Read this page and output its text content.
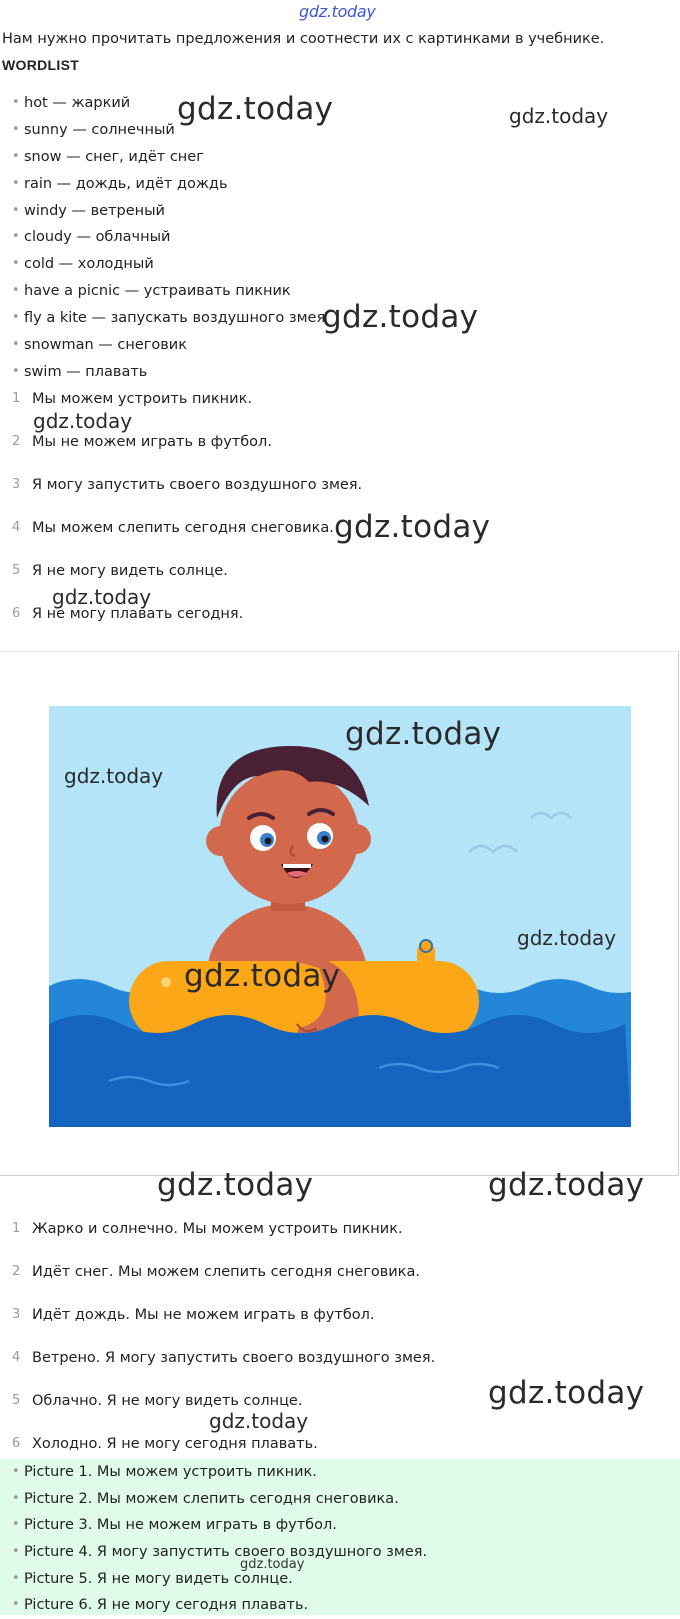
gdz.today
Нам нужно прочитать предложения и соотнести их с картинками в учебнике.
WORDLIST
• hot — жаркий
• sunny — солнечный
• snow — снег, идёт снег
• rain — дождь, идёт дождь
• windy — ветреный
• cloudy — облачный
• cold — холодный
• have a picnic — устраивать пикник
• fly a kite — запускать воздушного змея
• snowman — снеговик
• swim — плавать
1 Мы можем устроить пикник.
2 Мы не можем играть в футбол.
3 Я могу запустить своего воздушного змея.
4 Мы можем слепить сегодня снеговика.
5 Я не могу видеть солнце.
6 Я не могу плавать сегодня.
1 Жарко и солнечно. Мы можем устроить пикник.
2 Идёт снег. Мы можем слепить сегодня снеговика.
3 Идёт дождь. Мы не можем играть в футбол.
4 Ветрено. Я могу запустить своего воздушного змея.
5 Облачно. Я не могу видеть солнце.
6 Холодно. Я не могу сегодня плавать.
• Picture 1. Мы можем устроить пикник.
• Picture 2. Мы можем слепить сегодня снеговика.
• Picture 3. Мы не можем играть в футбол.
• Picture 4. Я могу запустить своего воздушного змея.
• Picture 5. Я не могу видеть солнце.
• Picture 6. Я не могу сегодня плавать.
gdz.today	gdz.today
gdz.today
gdz.today
gdz.today
gdz.today
gdz.today
gdz.today
gdz.today
gdz.today
gdz.today	gdz.today
gdz.today
gdz.today
gdz.today
